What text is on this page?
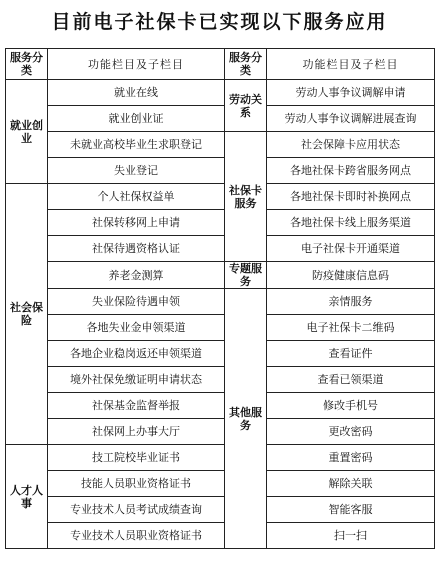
目前电子社保卡已实现以下服务应用
服务分类	功能栏目及子栏目	服务分类	功能栏目及子栏目
就业创业	就业在线	劳动关系	劳动人事争议调解申请
	就业创业证		劳动人事争议调解进展查询
	未就业高校毕业生求职登记	社保卡服务	社会保障卡应用状态
	失业登记		各地社保卡跨省服务网点
社会保险	个人社保权益单		各地社保卡即时补换网点
	社保转移网上申请		各地社保卡线上服务渠道
	社保待遇资格认证		电子社保卡开通渠道
	养老金测算	专题服务	防疫健康信息码
	失业保险待遇申领	其他服务	亲情服务
	各地失业金申领渠道		电子社保卡二维码
	各地企业稳岗返还申领渠道		查看证件
	境外社保免缴证明申请状态		查看已领渠道
	社保基金监督举报		修改手机号
	社保网上办事大厅		更改密码
人才人事	技工院校毕业证书		重置密码
	技能人员职业资格证书		解除关联
	专业技术人员考试成绩查询		智能客服
	专业技术人员职业资格证书		扫一扫
